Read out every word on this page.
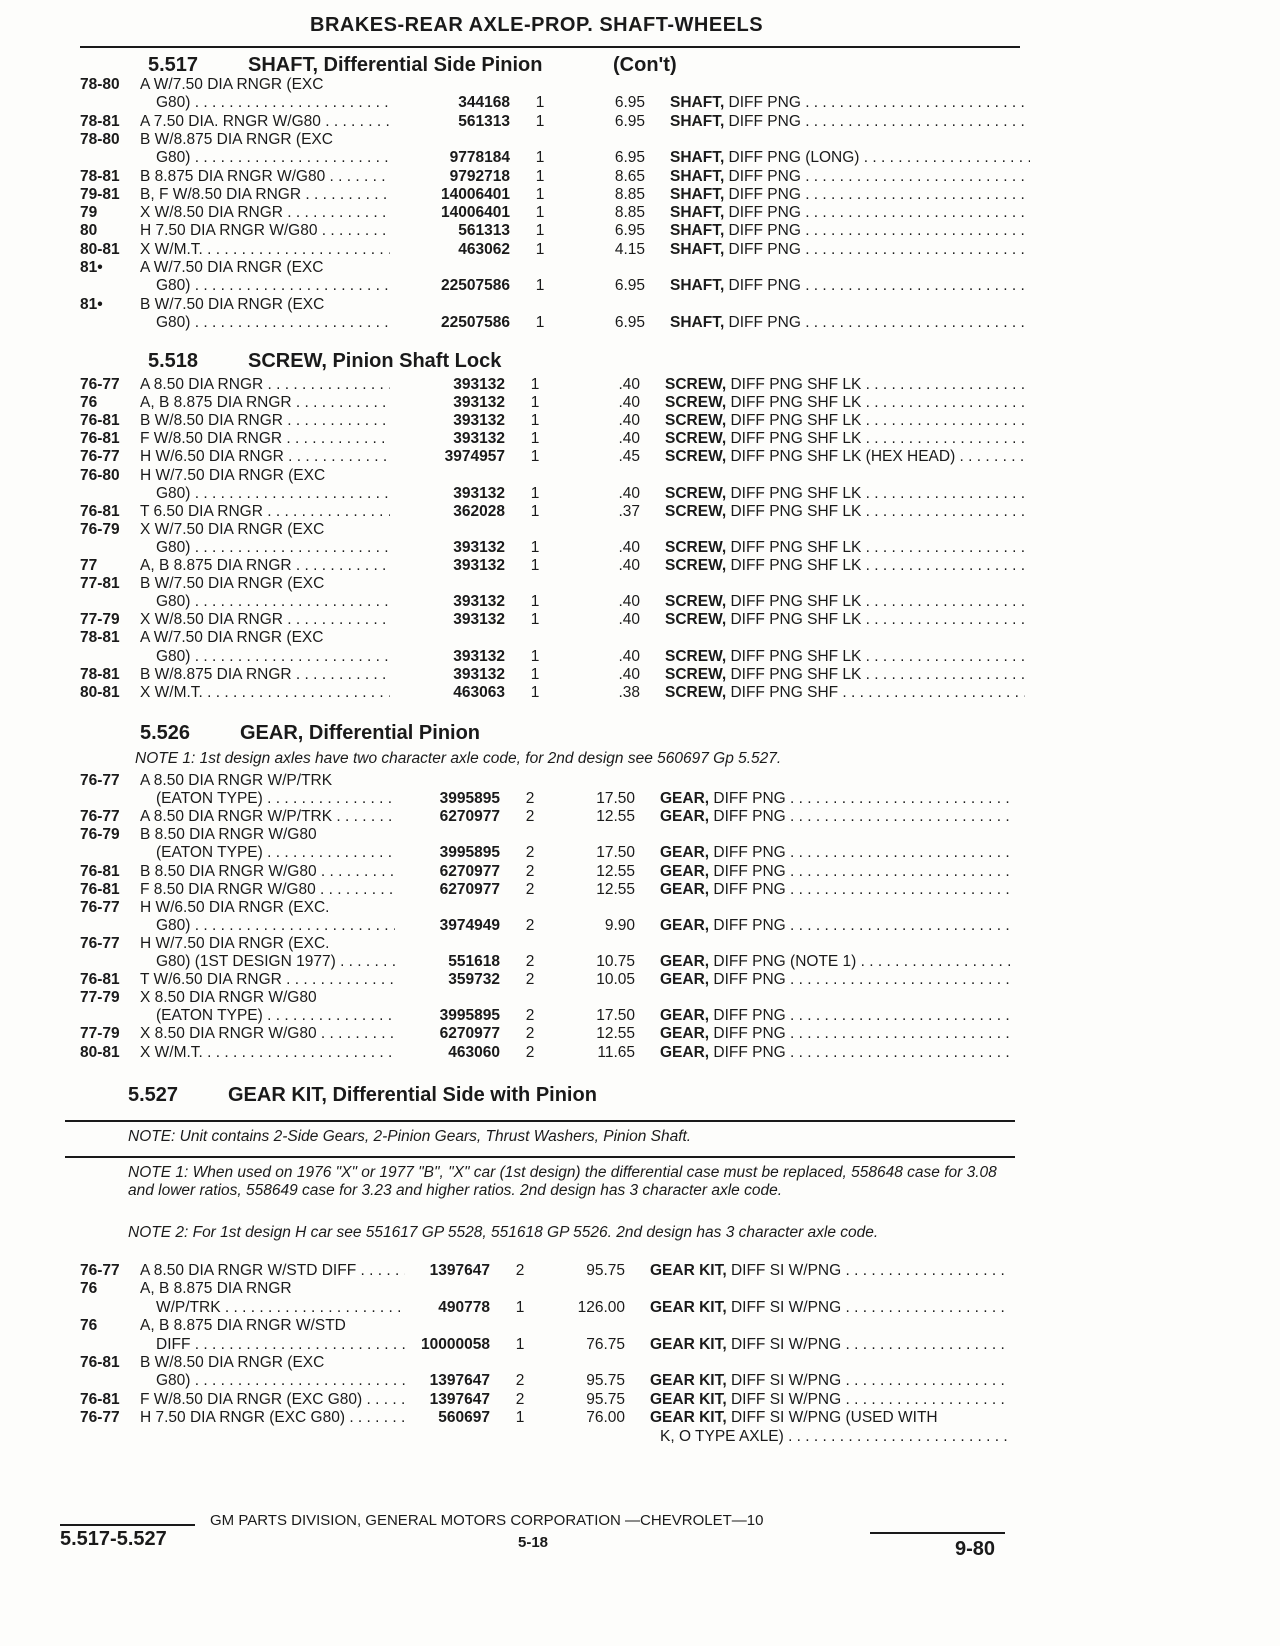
BRAKES-REAR AXLE-PROP. SHAFT-WHEELS
5.517 SHAFT, Differential Side Pinion	(Con't)
78-80 A W/7.50 DIA RNGR (EXC
G80) . . .	344168	1	6.95 SHAFT, DIFF PNG . . .
78-81 A 7.50 DIA. RNGR W/G80 . . .	561313	1	6.95 SHAFT, DIFF PNG . . .
78-80 B W/8.875 DIA RNGR (EXC
G80) . . .	9778184	1	6.95 SHAFT, DIFF PNG (LONG) . . .
78-81 B 8.875 DIA RNGR W/G80 . . .	9792718	1	8.65 SHAFT, DIFF PNG . . .
79-81 B, F W/8.50 DIA RNGR . . .	14006401	1	8.85 SHAFT, DIFF PNG . . .
79	X W/8.50 DIA RNGR . . .	14006401	1	8.85 SHAFT, DIFF PNG . . .
80	H 7.50 DIA RNGR W/G80 . . .	561313	1	6.95 SHAFT, DIFF PNG . . .
80-81 X W/M.T. . . .	463062	1	4.15 SHAFT, DIFF PNG . . .
81• A W/7.50 DIA RNGR (EXC
G80) . . .	22507586	1	6.95 SHAFT, DIFF PNG . . .
81• B W/7.50 DIA RNGR (EXC
G80) . . .	22507586	1	6.95 SHAFT, DIFF PNG . . .
5.518 SCREW, Pinion Shaft Lock
76-77 A 8.50 DIA RNGR . . .	393132	1	.40 SCREW, DIFF PNG SHF LK . . .
76	A, B 8.875 DIA RNGR . . .	393132	1	.40 SCREW, DIFF PNG SHF LK . . .
76-81 B W/8.50 DIA RNGR . . .	393132	1	.40 SCREW, DIFF PNG SHF LK . . .
76-81 F W/8.50 DIA RNGR . . .	393132	1	.40 SCREW, DIFF PNG SHF LK . . .
76-77 H W/6.50 DIA RNGR . . .	3974957	1	.45 SCREW, DIFF PNG SHF LK (HEX HEAD) . . .
76-80 H W/7.50 DIA RNGR (EXC
G80) . . .	393132	1	.40 SCREW, DIFF PNG SHF LK . . .
76-81 T 6.50 DIA RNGR . . .	362028	1	.37 SCREW, DIFF PNG SHF LK . . .
76-79 X W/7.50 DIA RNGR (EXC
G80) . . .	393132	1	.40 SCREW, DIFF PNG SHF LK . . .
77	A, B 8.875 DIA RNGR . . .	393132	1	.40 SCREW, DIFF PNG SHF LK . . .
77-81 B W/7.50 DIA RNGR (EXC
G80) . . .	393132	1	.40 SCREW, DIFF PNG SHF LK . . .
77-79 X W/8.50 DIA RNGR . . .	393132	1	.40 SCREW, DIFF PNG SHF LK . . .
78-81 A W/7.50 DIA RNGR (EXC
G80) . . .	393132	1	.40 SCREW, DIFF PNG SHF LK . . .
78-81 B W/8.875 DIA RNGR . . .	393132	1	.40 SCREW, DIFF PNG SHF LK . . .
80-81 X W/M.T. . . .	463063	1	.38 SCREW, DIFF PNG SHF . . .
5.526 GEAR, Differential Pinion
NOTE 1: 1st design axles have two character axle code, for 2nd design see 560697 Gp 5.527.
76-77 A 8.50 DIA RNGR W/P/TRK
(EATON TYPE) . . .	3995895	2	17.50 GEAR, DIFF PNG . . .
76-77 A 8.50 DIA RNGR W/P/TRK . . .	6270977	2	12.55 GEAR, DIFF PNG . . .
76-79 B 8.50 DIA RNGR W/G80
(EATON TYPE) . . .	3995895	2	17.50 GEAR, DIFF PNG . . .
76-81 B 8.50 DIA RNGR W/G80 . . .	6270977	2	12.55 GEAR, DIFF PNG . . .
76-81 F 8.50 DIA RNGR W/G80 . . .	6270977	2	12.55 GEAR, DIFF PNG . . .
76-77 H W/6.50 DIA RNGR (EXC.
G80) . . .	3974949	2	9.90 GEAR, DIFF PNG . . .
76-77 H W/7.50 DIA RNGR (EXC.
G80) (1ST DESIGN 1977) . . .	551618	2	10.75 GEAR, DIFF PNG (NOTE 1) . . .
76-81 T W/6.50 DIA RNGR . . .	359732	2	10.05 GEAR, DIFF PNG . . .
77-79 X 8.50 DIA RNGR W/G80
(EATON TYPE) . . .	3995895	2	17.50 GEAR, DIFF PNG . . .
77-79 X 8.50 DIA RNGR W/G80 . . .	6270977	2	12.55 GEAR, DIFF PNG . . .
80-81 X W/M.T. . . .	463060	2	11.65 GEAR, DIFF PNG . . .
5.527 GEAR KIT, Differential Side with Pinion
NOTE: Unit contains 2-Side Gears, 2-Pinion Gears, Thrust Washers, Pinion Shaft.
NOTE 1: When used on 1976 "X" or 1977 "B", "X" car (1st design) the differential case must be replaced, 558648 case for 3.08 and lower ratios, 558649 case for 3.23 and higher ratios. 2nd design has 3 character axle code.
NOTE 2: For 1st design H car see 551617 GP 5528, 551618 GP 5526. 2nd design has 3 character axle code.
76-77 A 8.50 DIA RNGR W/STD DIFF . . .	1397647	2	95.75 GEAR KIT, DIFF SI W/PNG . . .
76	A, B 8.875 DIA RNGR
W/P/TRK . . .	490778	1	126.00 GEAR KIT, DIFF SI W/PNG . . .
76	A, B 8.875 DIA RNGR W/STD
DIFF . . .	10000058	1	76.75 GEAR KIT, DIFF SI W/PNG . . .
76-81 B W/8.50 DIA RNGR (EXC
G80) . . .	1397647	2	95.75 GEAR KIT, DIFF SI W/PNG . . .
76-81 F W/8.50 DIA RNGR (EXC G80) . . .	1397647	2	95.75 GEAR KIT, DIFF SI W/PNG . . .
76-77 H 7.50 DIA RNGR (EXC G80) . . .	560697	1	76.00 GEAR KIT, DIFF SI W/PNG (USED WITH
K, O TYPE AXLE) . . .
GM PARTS DIVISION, GENERAL MOTORS CORPORATION —CHEVROLET—10
5.517-5.527	5-18	9-80
